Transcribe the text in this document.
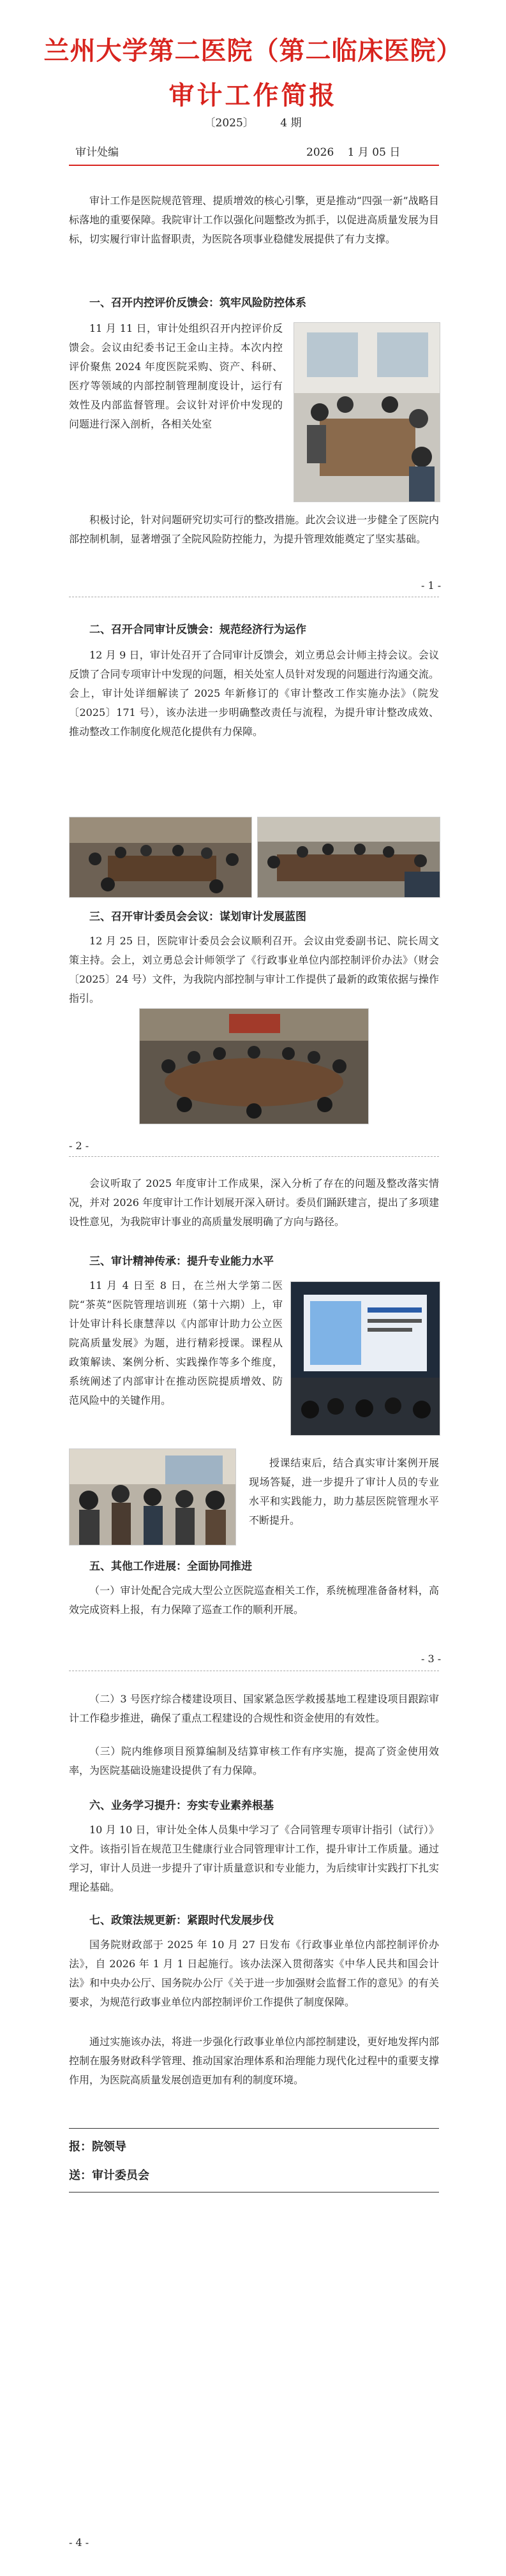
兰州大学第二医院（第二临床医院）
审计工作简报
〔2025〕 4 期
审计处编	2026 1 月 05 日

审计工作是医院规范管理、提质增效的核心引擎，更是推动“四强一新”战略目标落地的重要保障。我院审计工作以强化问题整改为抓手，以促进高质量发展为目标，切实履行审计监督职责，为医院各项事业稳健发展提供了有力支撑。

一、召开内控评价反馈会：筑牢风险防控体系

11 月 11 日，审计处组织召开内控评价反馈会。会议由纪委书记王金山主持。本次内控评价聚焦 2024 年度医院采购、资产、科研、医疗等领域的内部控制管理制度设计，运行有效性及内部监督管理。会议针对评价中发现的问题进行深入剖析，各相关处室

积极讨论，针对问题研究切实可行的整改措施。此次会议进一步健全了医院内部控制机制，显著增强了全院风险防控能力，为提升管理效能奠定了坚实基础。

- 1 -
二、召开合同审计反馈会：规范经济行为运作

12 月 9 日，审计处召开了合同审计反馈会，刘立勇总会计师主持会议。会议反馈了合同专项审计中发现的问题，相关处室人员针对发现的问题进行沟通交流。会上，审计处详细解读了 2025 年新修订的《审计整改工作实施办法》（院发〔2025〕171 号），该办法进一步明确整改责任与流程，为提升审计整改成效、推动整改工作制度化规范化提供有力保障。

三、召开审计委员会会议：谋划审计发展蓝图

12 月 25 日，医院审计委员会会议顺利召开。会议由党委副书记、院长周文策主持。会上，刘立勇总会计师领学了《行政事业单位内部控制评价办法》（财会〔2025〕24 号）文件，为我院内部控制与审计工作提供了最新的政策依据与操作指引。

- 2 -

会议听取了 2025 年度审计工作成果，深入分析了存在的问题及整改落实情况，并对 2026 年度审计工作计划展开深入研讨。委员们踊跃建言，提出了多项建设性意见，为我院审计事业的高质量发展明确了方向与路径。

三、审计精神传承：提升专业能力水平

11 月 4 日至 8 日，在兰州大学第二医院“茶英”医院管理培训班（第十六期）上，审计处审计科长康慧萍以《内部审计助力公立医院高质量发展》为题，进行精彩授课。课程从政策解读、案例分析、实践操作等多个维度，系统阐述了内部审计在推动医院提质增效、防范风险中的关键作用。

授课结束后，结合真实审计案例开展现场答疑，进一步提升了审计人员的专业水平和实践能力，助力基层医院管理水平不断提升。

五、其他工作进展：全面协同推进

（一）审计处配合完成大型公立医院巡查相关工作，系统梳理准备备材料，高效完成资料上报，有力保障了巡查工作的顺利开展。

- 3 -

（二）3 号医疗综合楼建设项目、国家紧急医学救援基地工程建设项目跟踪审计工作稳步推进，确保了重点工程建设的合规性和资金使用的有效性。

（三）院内维修项目预算编制及结算审核工作有序实施，提高了资金使用效率，为医院基础设施建设提供了有力保障。

六、业务学习提升：夯实专业素养根基

10 月 10 日，审计处全体人员集中学习了《合同管理专项审计指引（试行）》文件。该指引旨在规范卫生健康行业合同管理审计工作，提升审计工作质量。通过学习，审计人员进一步提升了审计质量意识和专业能力，为后续审计实践打下扎实理论基础。

七、政策法规更新：紧跟时代发展步伐

国务院财政部于 2025 年 10 月 27 日发布《行政事业单位内部控制评价办法》，自 2026 年 1 月 1 日起施行。该办法深入贯彻落实《中华人民共和国会计法》和中央办公厅、国务院办公厅《关于进一步加强财会监督工作的意见》的有关要求，为规范行政事业单位内部控制评价工作提供了制度保障。

通过实施该办法，将进一步强化行政事业单位内部控制建设，更好地发挥内部控制在服务财政科学管理、推动国家治理体系和治理能力现代化过程中的重要支撑作用，为医院高质量发展创造更加有利的制度环境。

报：院领导
送：审计委员会
- 4 -
